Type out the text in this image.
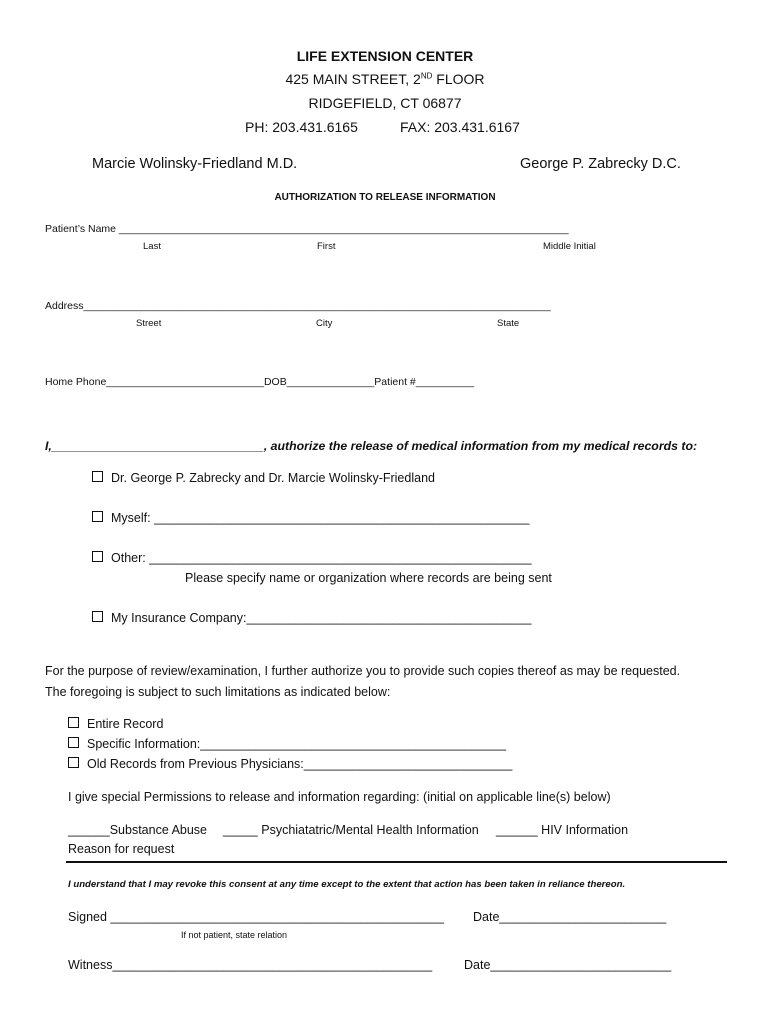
LIFE EXTENSION CENTER
425 MAIN STREET, 2ND FLOOR
RIDGEFIELD, CT 06877
PH: 203.431.6165	FAX: 203.431.6167
Marcie Wolinsky-Friedland M.D.	George P. Zabrecky D.C.
AUTHORIZATION TO RELEASE INFORMATION
Patient’s Name _____________________________________________________________________________
Last	First	Middle Initial
Address________________________________________________________________________________
Street	City	State
Home Phone___________________________DOB_______________Patient #__________
I,_______________________________, authorize the release of medical information from my medical records to:
Dr. George P. Zabrecky and Dr. Marcie Wolinsky-Friedland
Myself: ______________________________________________________
Other: _______________________________________________________
Please specify name or organization where records are being sent
My Insurance Company:_________________________________________
For the purpose of review/examination, I further authorize you to provide such copies thereof as may be requested.
The foregoing is subject to such limitations as indicated below:
Entire Record
Specific Information:____________________________________________
Old Records from Previous Physicians:______________________________
I give special Permissions to release and information regarding: (initial on applicable line(s) below)
______Substance Abuse _____ Psychiatatric/Mental Health Information ______ HIV Information
Reason for request
I understand that I may revoke this consent at any time except to the extent that action has been taken in reliance thereon.
Signed ________________________________________________ Date________________________
If not patient, state relation
Witness______________________________________________	Date__________________________
